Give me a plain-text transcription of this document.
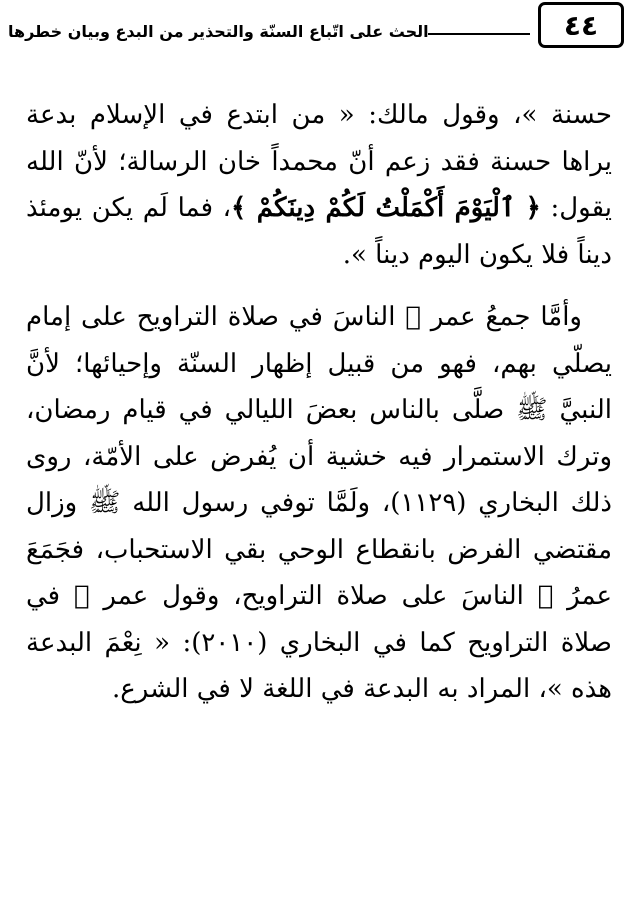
الحث على اتّباع السنّة والتحذير من البدع وبيان خطرها	٤٤

حسنة »، وقول مالك: « من ابتدع في الإسلام بدعة يراها حسنة فقد زعم أنّ محمداً خان الرسالة؛ لأنّ الله يقول: ﴿ ٱلْيَوْمَ أَكْمَلْتُ لَكُمْ دِينَكُمْ ﴾، فما لَم يكن يومئذ ديناً فلا يكون اليوم ديناً ».

وأمَّا جمعُ عمر ﷛ الناسَ في صلاة التراويح على إمام يصلّي بهم، فهو من قبيل إظهار السنّة وإحيائها؛ لأنَّ النبيَّ ﷺ صلَّى بالناس بعضَ الليالي في قيام رمضان، وترك الاستمرار فيه خشية أن يُفرض على الأمّة، روى ذلك البخاري (١١٢٩)، ولَمَّا توفي رسول الله ﷺ وزال مقتضي الفرض بانقطاع الوحي بقي الاستحباب، فجَمَعَ عمرُ ﷛ الناسَ على صلاة التراويح، وقول عمر ﷛ في صلاة التراويح كما في البخاري (٢٠١٠): « نِعْمَ البدعة هذه »، المراد به البدعة في اللغة لا في الشرع.
